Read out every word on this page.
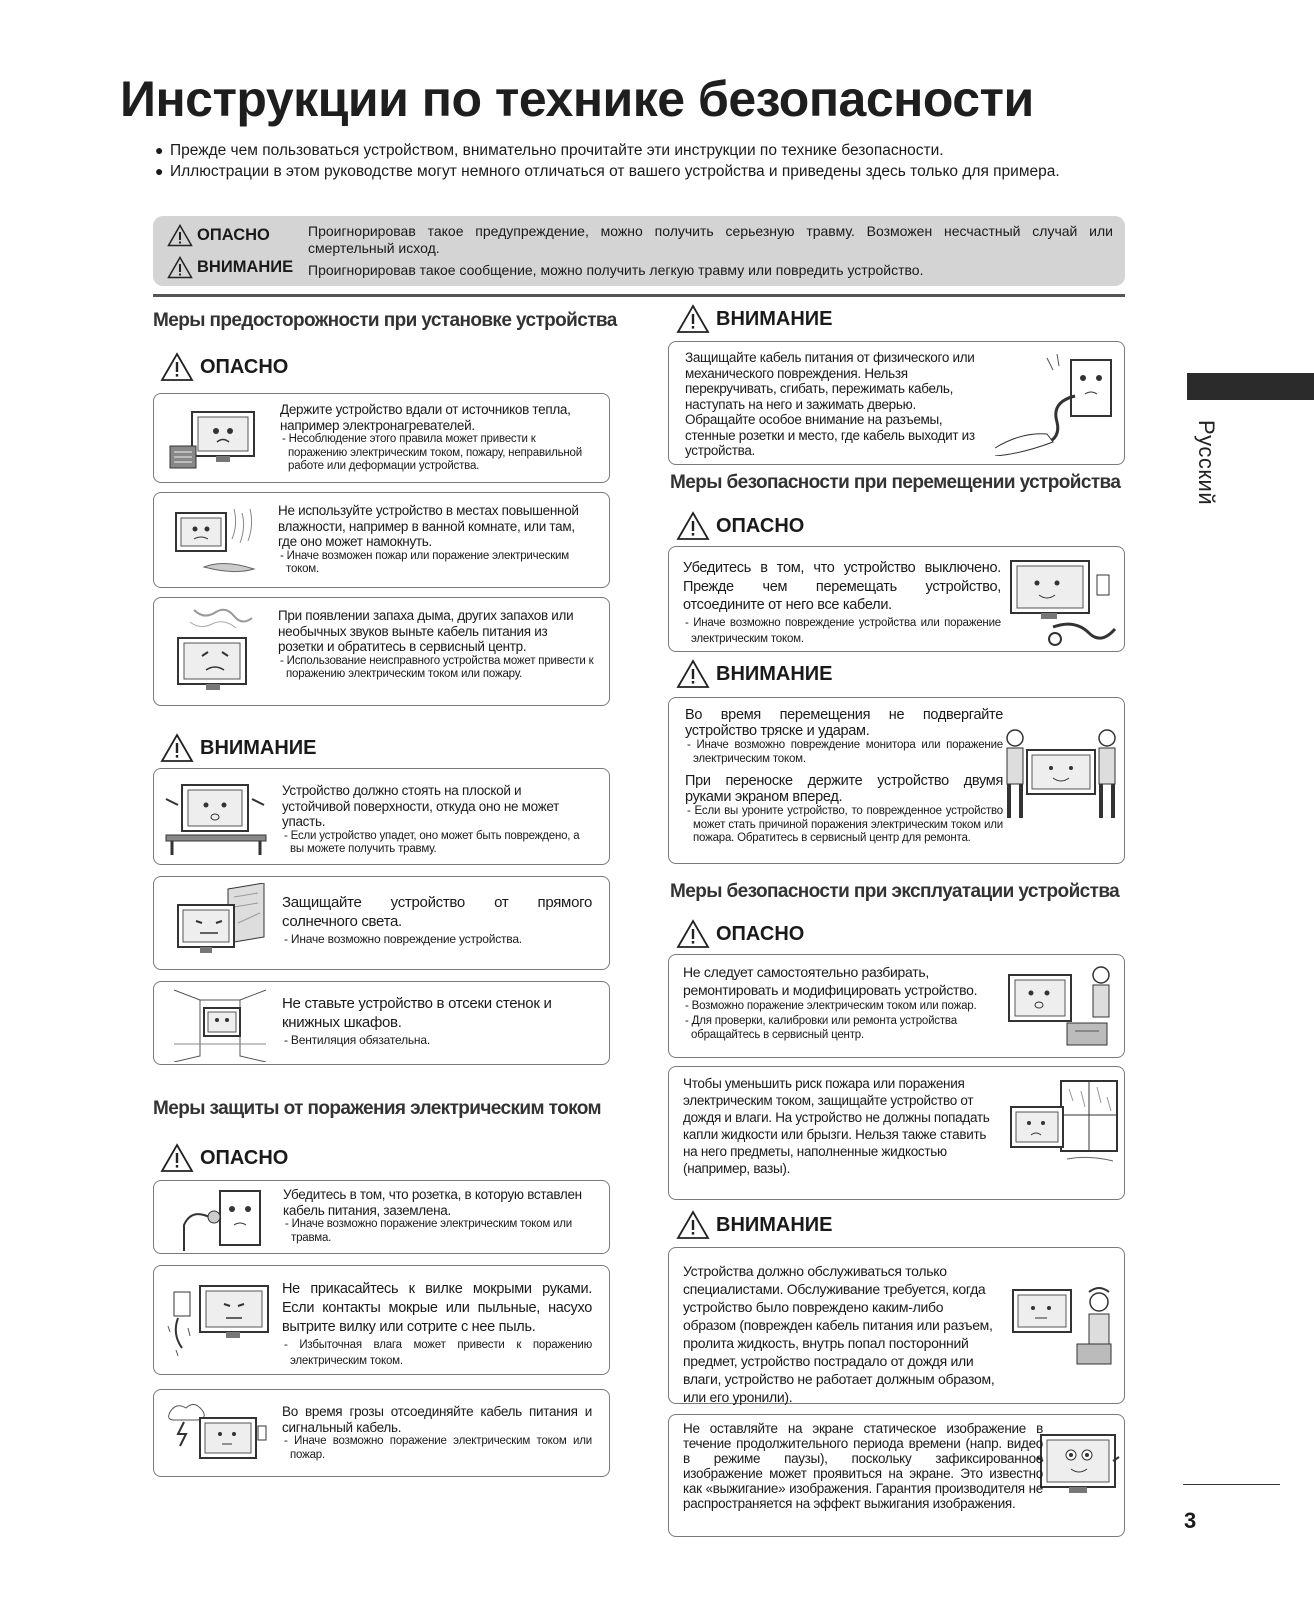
Инструкции по технике безопасности
● Прежде чем пользоваться устройством, внимательно прочитайте эти инструкции по технике безопасности.
● Иллюстрации в этом руководстве могут немного отличаться от вашего устройства и приведены здесь только для примера.
ОПАСНО	Проигнорировав такое предупреждение, можно получить серьезную травму. Возможен несчастный случай или смертельный исход.
ВНИМАНИЕ Проигнорировав такое сообщение, можно получить легкую травму или повредить устройство.
Меры предосторожности при установке устройства
ОПАСНО
Держите устройство вдали от источников тепла, например электронагревателей.
- Несоблюдение этого правила может привести к поражению электрическим током, пожару, неправильной работе или деформации устройства.
Не используйте устройство в местах повышенной влажности, например в ванной комнате, или там, где оно может намокнуть.
- Иначе возможен пожар или поражение электрическим током.
При появлении запаха дыма, других запахов или необычных звуков выньте кабель питания из розетки и обратитесь в сервисный центр.
- Использование неисправного устройства может привести к поражению электрическим током или пожару.
ВНИМАНИЕ
Устройство должно стоять на плоской и устойчивой поверхности, откуда оно не может упасть.
- Если устройство упадет, оно может быть повреждено, а вы можете получить травму.
Защищайте устройство от прямого солнечного света.
- Иначе возможно повреждение устройства.
Не ставьте устройство в отсеки стенок и книжных шкафов.
- Вентиляция обязательна.
Меры защиты от поражения электрическим током
ОПАСНО
Убедитесь в том, что розетка, в которую вставлен кабель питания, заземлена.
- Иначе возможно поражение электрическим током или травма.
Не прикасайтесь к вилке мокрыми руками. Если контакты мокрые или пыльные, насухо вытрите вилку или сотрите с нее пыль.
- Избыточная влага может привести к поражению электрическим током.
Во время грозы отсоединяйте кабель питания и сигнальный кабель.
- Иначе возможно поражение электрическим током или пожар.
ВНИМАНИЕ
Защищайте кабель питания от физического или механического повреждения. Нельзя перекручивать, сгибать, пережимать кабель, наступать на него и зажимать дверью. Обращайте особое внимание на разъемы, стенные розетки и место, где кабель выходит из устройства.
Меры безопасности при перемещении устройства
ОПАСНО
Убедитесь в том, что устройство выключено. Прежде чем перемещать устройство, отсоедините от него все кабели.
- Иначе возможно повреждение устройства или поражение электрическим током.
ВНИМАНИЕ
Во время перемещения не подвергайте устройство тряске и ударам.
- Иначе возможно повреждение монитора или поражение электрическим током.
При переноске держите устройство двумя руками экраном вперед.
- Если вы уроните устройство, то поврежденное устройство может стать причиной поражения электрическим током или пожара. Обратитесь в сервисный центр для ремонта.
Меры безопасности при эксплуатации устройства
ОПАСНО
Не следует самостоятельно разбирать, ремонтировать и модифицировать устройство.
- Возможно поражение электрическим током или пожар.
- Для проверки, калибровки или ремонта устройства обращайтесь в сервисный центр.
Чтобы уменьшить риск пожара или поражения электрическим током, защищайте устройство от дождя и влаги. На устройство не должны попадать капли жидкости или брызги. Нельзя также ставить на него предметы, наполненные жидкостью (например, вазы).
ВНИМАНИЕ
Устройства должно обслуживаться только специалистами. Обслуживание требуется, когда устройство было повреждено каким-либо образом (поврежден кабель питания или разъем, пролита жидкость, внутрь попал посторонний предмет, устройство пострадало от дождя или влаги, устройство не работает должным образом, или его уронили).
Не оставляйте на экране статическое изображение в течение продолжительного периода времени (напр. видео в режиме паузы), поскольку зафиксированное изображение может проявиться на экране. Это известно как «выжигание» изображения. Гарантия производителя не распространяется на эффект выжигания изображения.
Русский
3
